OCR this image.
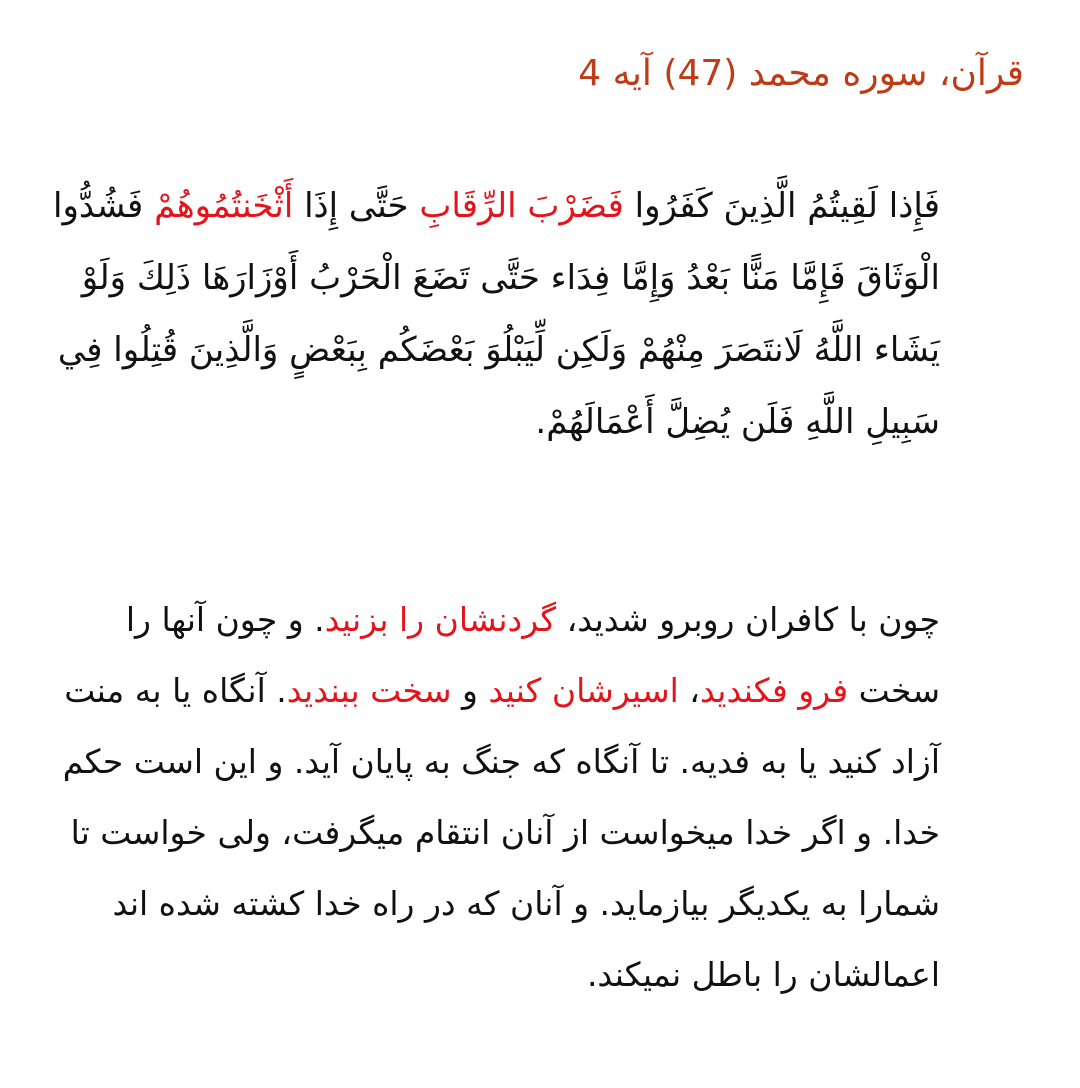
قرآن، سوره محمد (47) آیه 4
فَإِذا لَقِيتُمُ الَّذِينَ كَفَرُوا فَضَرْبَ الرِّقَابِ حَتَّى إِذَا أَثْخَنتُمُوهُمْ فَشُدُّوا الْوَثَاقَ فَإِمَّا مَنًّا بَعْدُ وَإِمَّا فِدَاء حَتَّى تَضَعَ الْحَرْبُ أَوْزَارَهَا ذَلِكَ وَلَوْ يَشَاء اللَّهُ لَانتَصَرَ مِنْهُمْ وَلَكِن لِّيَبْلُوَ بَعْضَكُم بِبَعْضٍ وَالَّذِينَ قُتِلُوا فِي سَبِيلِ اللَّهِ فَلَن يُضِلَّ أَعْمَالَهُمْ.
چون با کافران روبرو شدید، گردنشان را بزنید. و چون آنها را سخت فرو فکندید، اسیرشان کنید و سخت ببندید. آنگاه یا به منت آزاد کنید یا به فدیه. تا آنگاه که جنگ به پایان آید. و این است حکم خدا. و اگر خدا میخواست از آنان انتقام میگرفت، ولی خواست تا شمارا به یکدیگر بیازماید. و آنان که در راه خدا کشته شده اند اعمالشان را باطل نمیکند.
